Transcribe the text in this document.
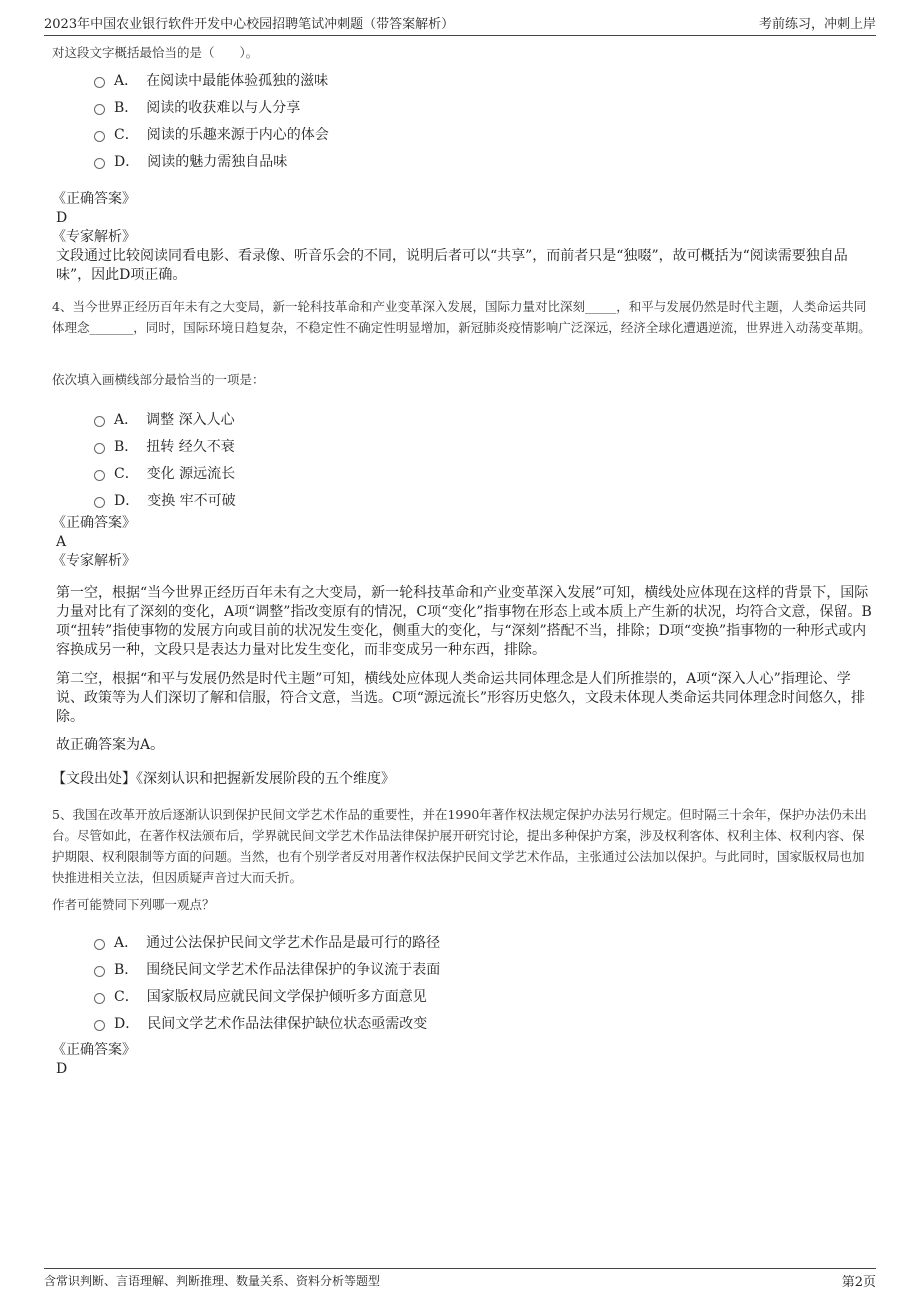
2023年中国农业银行软件开发中心校园招聘笔试冲刺题（带答案解析）	考前练习，冲刺上岸

对这段文字概括最恰当的是（　　）。

A． 在阅读中最能体验孤独的滋味
B． 阅读的收获难以与人分享
C． 阅读的乐趣来源于内心的体会
D． 阅读的魅力需独自品味

《正确答案》

D

《专家解析》

文段通过比较阅读同看电影、看录像、听音乐会的不同，说明后者可以“共享”，而前者只是“独啜”，故可概括为“阅读需要独自品味”，因此D项正确。

4、当今世界正经历百年未有之大变局，新一轮科技革命和产业变革深入发展，国际力量对比深刻_____，和平与发展仍然是时代主题，人类命运共同体理念_______，同时，国际环境日趋复杂，不稳定性不确定性明显增加，新冠肺炎疫情影响广泛深远，经济全球化遭遇逆流，世界进入动荡变革期。

依次填入画横线部分最恰当的一项是：

A． 调整 深入人心
B． 扭转 经久不衰
C． 变化 源远流长
D． 变换 牢不可破

《正确答案》

A

《专家解析》

第一空，根据“当今世界正经历百年未有之大变局，新一轮科技革命和产业变革深入发展”可知，横线处应体现在这样的背景下，国际力量对比有了深刻的变化，A项“调整”指改变原有的情况，C项“变化”指事物在形态上或本质上产生新的状况，均符合文意，保留。B项“扭转”指使事物的发展方向或目前的状况发生变化，侧重大的变化，与“深刻”搭配不当，排除；D项“变换”指事物的一种形式或内容换成另一种，文段只是表达力量对比发生变化，而非变成另一种东西，排除。

第二空，根据“和平与发展仍然是时代主题”可知，横线处应体现人类命运共同体理念是人们所推崇的，A项“深入人心”指理论、学说、政策等为人们深切了解和信服，符合文意，当选。C项“源远流长”形容历史悠久，文段未体现人类命运共同体理念时间悠久，排除。

故正确答案为A。

【文段出处】《深刻认识和把握新发展阶段的五个维度》

5、我国在改革开放后逐渐认识到保护民间文学艺术作品的重要性，并在1990年著作权法规定保护办法另行规定。但时隔三十余年，保护办法仍未出台。尽管如此，在著作权法颁布后，学界就民间文学艺术作品法律保护展开研究讨论，提出多种保护方案，涉及权利客体、权利主体、权利内容、保护期限、权利限制等方面的问题。当然，也有个别学者反对用著作权法保护民间文学艺术作品，主张通过公法加以保护。与此同时，国家版权局也加快推进相关立法，但因质疑声音过大而夭折。

作者可能赞同下列哪一观点？

A． 通过公法保护民间文学艺术作品是最可行的路径
B． 围绕民间文学艺术作品法律保护的争议流于表面
C． 国家版权局应就民间文学保护倾听多方面意见
D． 民间文学艺术作品法律保护缺位状态亟需改变

《正确答案》

D

含常识判断、言语理解、判断推理、数量关系、资料分析等题型	第2页
